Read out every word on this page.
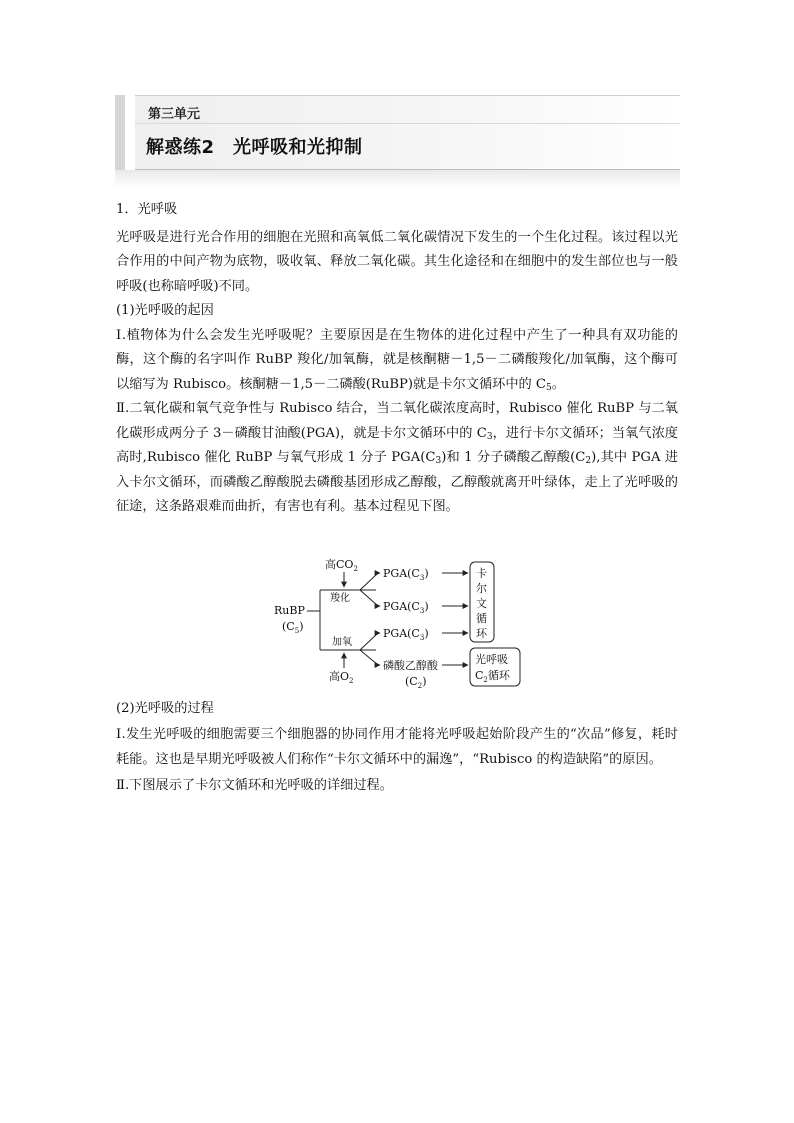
第三单元
解惑练2　光呼吸和光抑制

1．光呼吸

光呼吸是进行光合作用的细胞在光照和高氧低二氧化碳情况下发生的一个生化过程。该过程以光合作用的中间产物为底物，吸收氧、释放二氧化碳。其生化途径和在细胞中的发生部位也与一般呼吸(也称暗呼吸)不同。

(1)光呼吸的起因

Ⅰ.植物体为什么会发生光呼吸呢？主要原因是在生物体的进化过程中产生了一种具有双功能的酶，这个酶的名字叫作 RuBP 羧化/加氧酶，就是核酮糖－1,5－二磷酸羧化/加氧酶，这个酶可以缩写为 Rubisco。核酮糖－1,5－二磷酸(RuBP)就是卡尔文循环中的 $C_5$。

Ⅱ.二氧化碳和氧气竞争性与 Rubisco 结合，当二氧化碳浓度高时，Rubisco 催化 RuBP 与二氧化碳形成两分子 3－磷酸甘油酸(PGA)，就是卡尔文循环中的 $C_3$，进行卡尔文循环；当氧气浓度高时,Rubisco 催化 RuBP 与氧气形成 1 分子 $PGA(C_3)$和 1 分子磷酸乙醇酸$(C_2)$,其中 PGA 进入卡尔文循环，而磷酸乙醇酸脱去磷酸基团形成乙醇酸，乙醇酸就离开叶绿体，走上了光呼吸的征途，这条路艰难而曲折，有害也有利。基本过程见下图。

高$CO_2$
RuBP
$(C_5)$
羧化
加氧
$PGA(C_3)$
$PGA(C_3)$
$PGA(C_3)$
磷酸乙醇酸
$(C_2)$
卡
尔
文
循
环
光呼吸
$C_2$循环
高$O_2$

(2)光呼吸的过程

Ⅰ.发生光呼吸的细胞需要三个细胞器的协同作用才能将光呼吸起始阶段产生的“次品”修复，耗时耗能。这也是早期光呼吸被人们称作“卡尔文循环中的漏逸”，“Rubisco 的构造缺陷”的原因。

Ⅱ.下图展示了卡尔文循环和光呼吸的详细过程。
